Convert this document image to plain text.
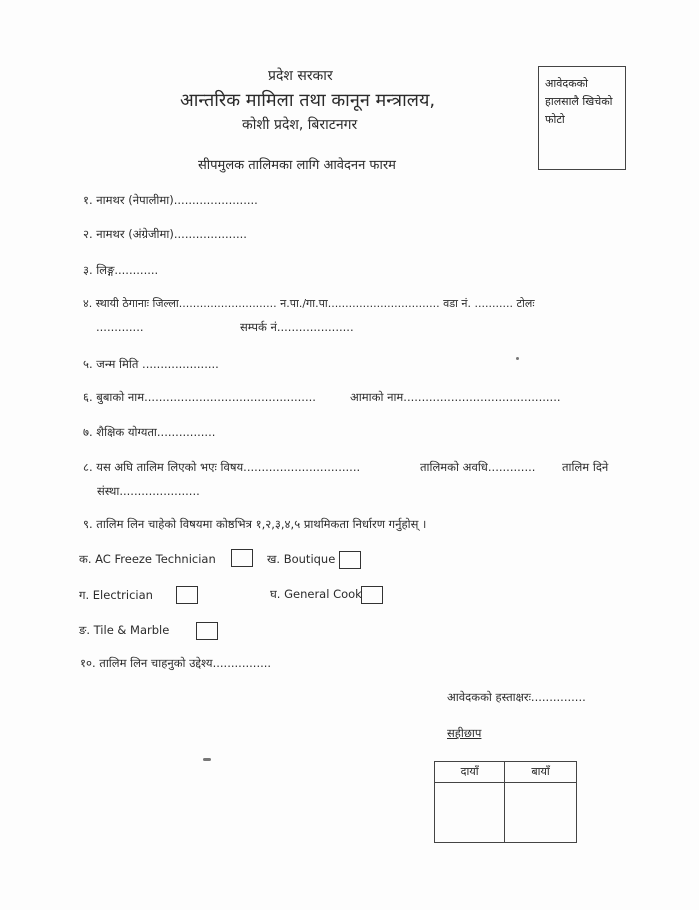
प्रदेश सरकार
आन्तरिक मामिला तथा कानून मन्त्रालय,
कोशी प्रदेश, बिराटनगर
सीपमुलक तालिमका लागि आवेदनन फारम
आवेदकको हालसालै खिचेको फोटो
१. नामथर (नेपालीमा).......................
२. नामथर (अंग्रेजीमा)....................
३. लिङ्ग............
४. स्थायी ठेगानाः जिल्ला............................ न.पा./गा.पा................................ वडा नं. ........... टोलः
.............	सम्पर्क नं.....................
५. जन्म मिति .....................
६. बुबाको नाम...............................................	आमाको नाम...........................................
७. शैक्षिक योग्यता................
८. यस अघि तालिम लिएको भएः विषय................................	तालिमको अवधि............. तालिम दिने
संस्था......................
९. तालिम लिन चाहेको विषयमा कोष्ठभित्र १,२,३,४,५ प्राथमिकता निर्धारण गर्नुहोस् ।
क. AC Freeze Technician	ख. Boutique
ग. Electrician	घ. General Cook
ङ. Tile & Marble
१०. तालिम लिन चाहनुको उद्देश्य................
आवेदकको हस्ताक्षरः...............
सहीछाप
दायाँ	बायाँ
